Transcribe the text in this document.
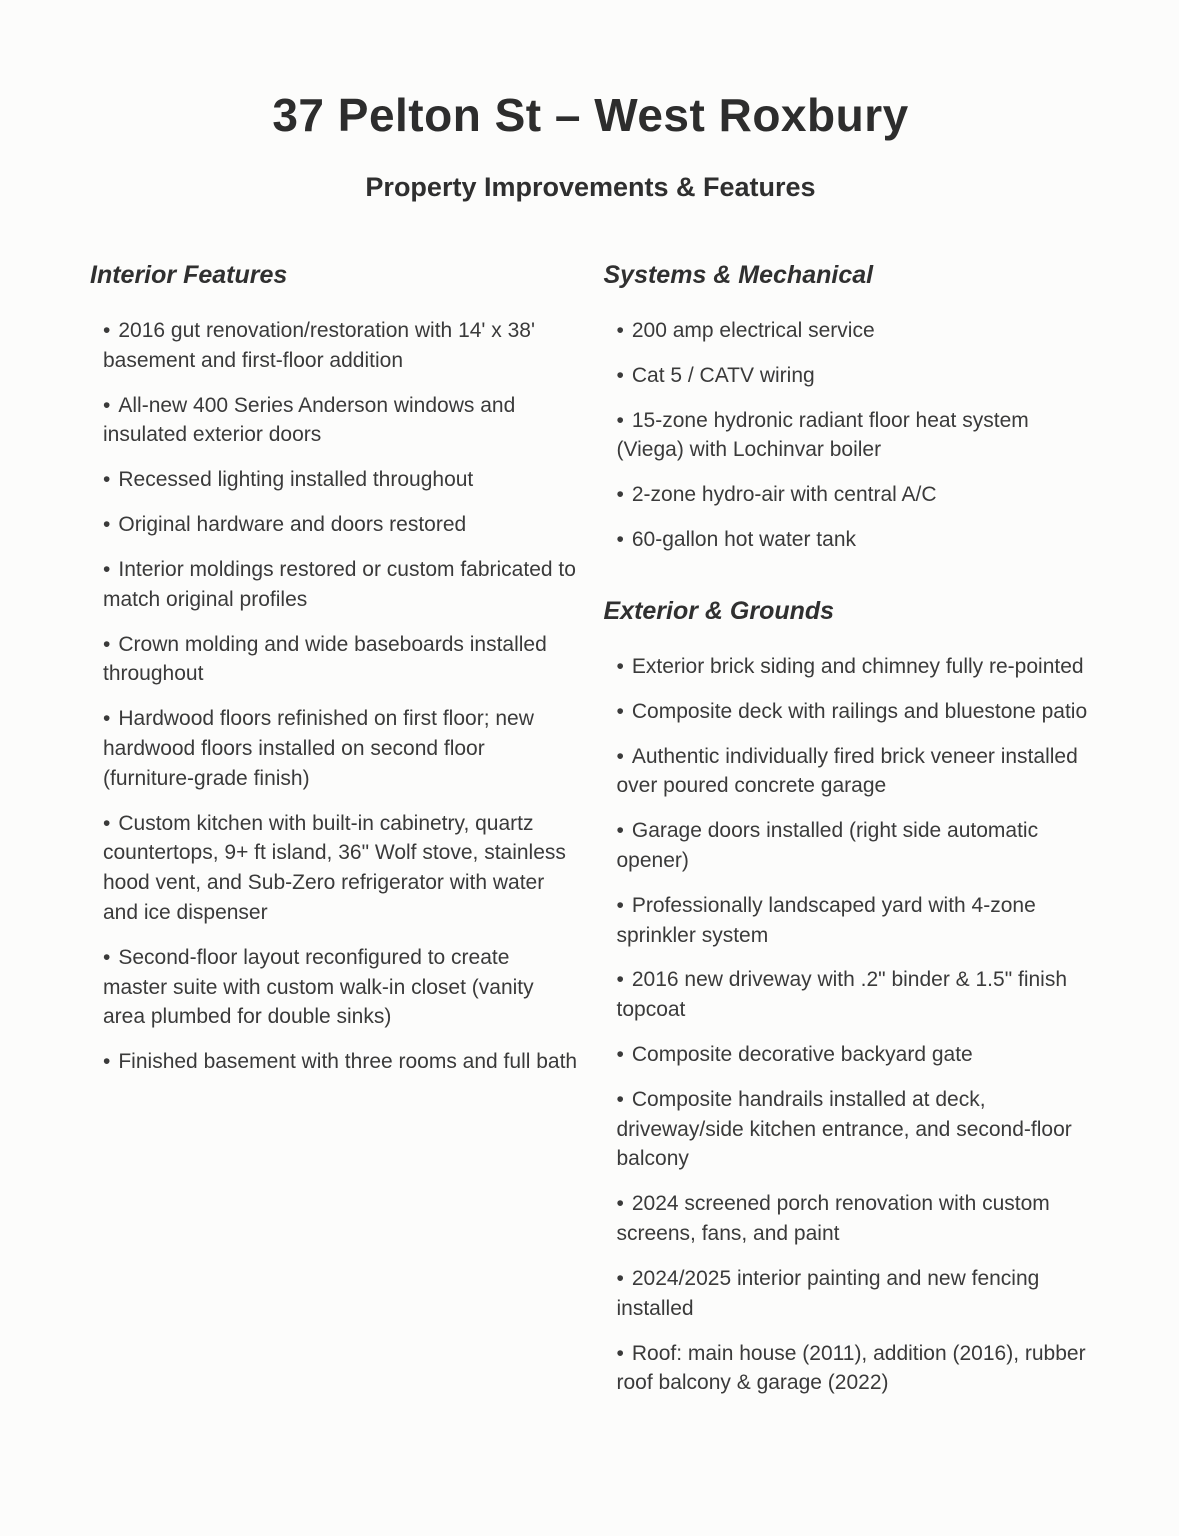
37 Pelton St – West Roxbury
Property Improvements & Features
Interior Features

• 2016 gut renovation/restoration with 14' x 38' basement and first-floor addition

• All-new 400 Series Anderson windows and insulated exterior doors

• Recessed lighting installed throughout

• Original hardware and doors restored

• Interior moldings restored or custom fabricated to match original profiles

• Crown molding and wide baseboards installed throughout

• Hardwood floors refinished on first floor; new hardwood floors installed on second floor (furniture-grade finish)

• Custom kitchen with built-in cabinetry, quartz countertops, 9+ ft island, 36" Wolf stove, stainless hood vent, and Sub-Zero refrigerator with water and ice dispenser

• Second-floor layout reconfigured to create master suite with custom walk-in closet (vanity area plumbed for double sinks)

• Finished basement with three rooms and full bath

Systems & Mechanical

• 200 amp electrical service

• Cat 5 / CATV wiring

• 15-zone hydronic radiant floor heat system (Viega) with Lochinvar boiler

• 2-zone hydro-air with central A/C

• 60-gallon hot water tank

Exterior & Grounds

• Exterior brick siding and chimney fully re-pointed

• Composite deck with railings and bluestone patio

• Authentic individually fired brick veneer installed over poured concrete garage

• Garage doors installed (right side automatic opener)

• Professionally landscaped yard with 4-zone sprinkler system

• 2016 new driveway with .2" binder & 1.5" finish topcoat

• Composite decorative backyard gate

• Composite handrails installed at deck, driveway/side kitchen entrance, and second-floor balcony

• 2024 screened porch renovation with custom screens, fans, and paint

• 2024/2025 interior painting and new fencing installed

• Roof: main house (2011), addition (2016), rubber roof balcony & garage (2022)
